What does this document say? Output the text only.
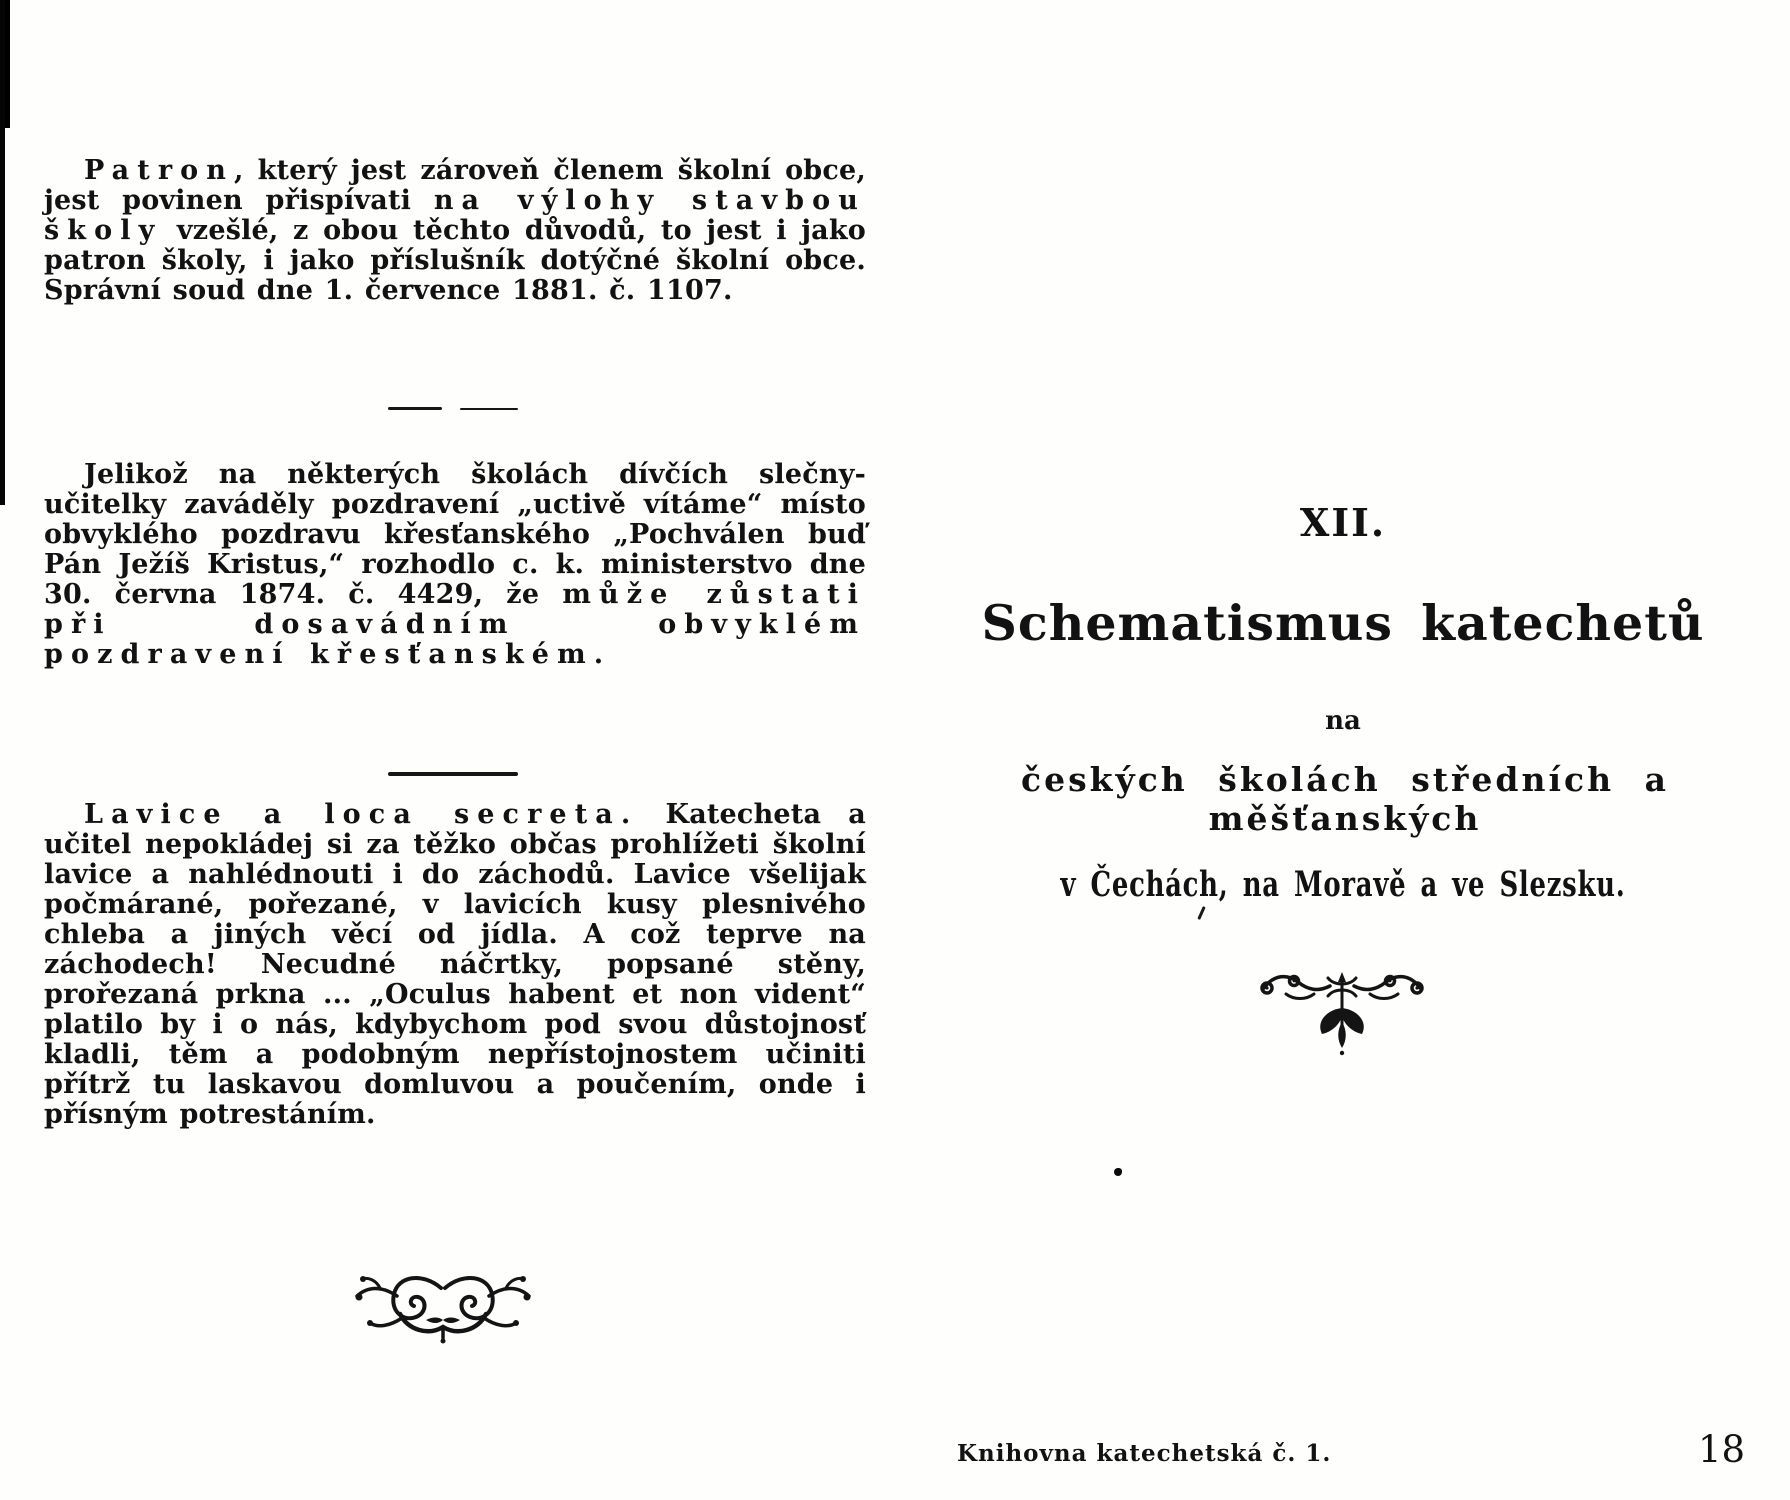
Patron, který jest zároveň členem školní obce, jest povinen přispívati na výlohy stavbou školy vzešlé, z obou těchto důvodů, to jest i jako patron školy, i jako příslušník dotýčné školní obce. Správní soud dne 1. července 1881. č. 1107.

Jelikož na některých školách dívčích slečny-učitelky zaváděly pozdravení „uctivě vítáme“ místo obvyklého pozdravu křesťanského „Pochválen buď Pán Ježíš Kristus,“ rozhodlo c. k. ministerstvo dne 30. června 1874. č. 4429, že může zůstati při dosavádním obvyklém pozdravení křesťanském.

Lavice a loca secreta. Katecheta a učitel nepokládej si za těžko občas prohlížeti školní lavice a nahlédnouti i do záchodů. Lavice všelijak počmárané, pořezané, v lavicích kusy plesnivého chleba a jiných věcí od jídla. A což teprve na záchodech! Necudné náčrtky, popsané stěny, prořezaná prkna ... „Oculus habent et non vident“ platilo by i o nás, kdybychom pod svou důstojnosť kladli, těm a podobným nepřístojnostem učiniti přítrž tu laskavou domluvou a poučením, onde i přísným potrestáním.

XII.
Schematismus katechetů
na
českých školách středních a měšťanských
v Čechách, na Moravě a ve Slezsku.
Knihovna katechetská č. 1.	18
